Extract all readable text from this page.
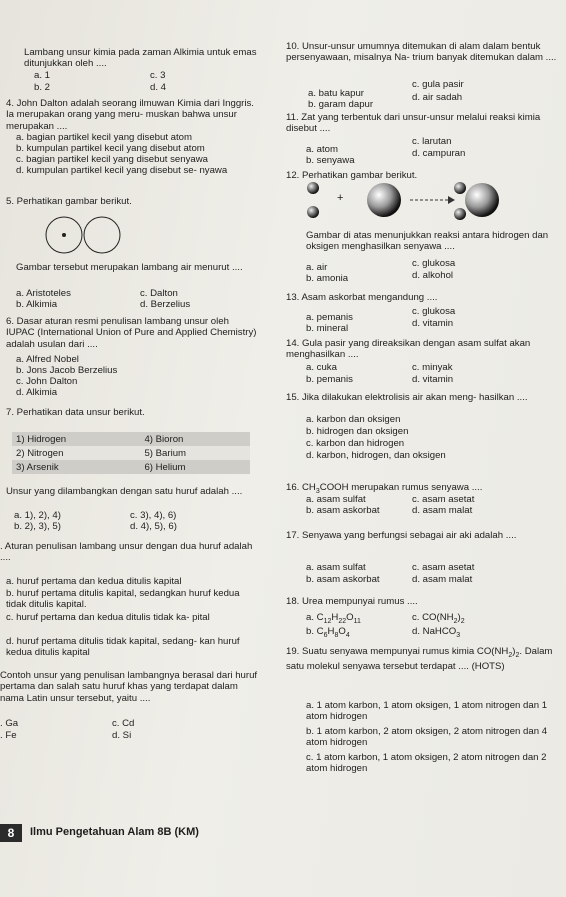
Lambang unsur kimia pada zaman Alkimia untuk emas ditunjukkan oleh ....

a. 1	c. 3
b. 2	d. 4

4. John Dalton adalah seorang ilmuwan Kimia dari Inggris. Ia merupakan orang yang meru- muskan bahwa unsur merupakan ....

a. bagian partikel kecil yang disebut atom
b. kumpulan partikel kecil yang disebut atom
c. bagian partikel kecil yang disebut senyawa

d. kumpulan partikel kecil yang disebut se- nyawa

5. Perhatikan gambar berikut.

Gambar tersebut merupakan lambang air menurut ....

a. Aristoteles	c. Dalton
b. Alkimia	d. Berzelius

6. Dasar aturan resmi penulisan lambang unsur oleh IUPAC (International Union of Pure and Applied Chemistry) adalah usulan dari ....

a. Alfred Nobel
b. Jons Jacob Berzelius
c. John Dalton
d. Alkimia
7. Perhatikan data unsur berikut.
1) Hidrogen	4) Bioron
2) Nitrogen	5) Barium
3) Arsenik	6) Helium

Unsur yang dilambangkan dengan satu huruf adalah ....

a. 1), 2), 4)	c. 3), 4), 6)
b. 2), 3), 5)	d. 4), 5), 6)

. Aturan penulisan lambang unsur dengan dua huruf adalah ....

a. huruf pertama dan kedua ditulis kapital

b. huruf pertama ditulis kapital, sedangkan huruf kedua tidak ditulis kapital.

c. huruf pertama dan kedua ditulis tidak ka- pital

d. huruf pertama ditulis tidak kapital, sedang- kan huruf kedua ditulis kapital

Contoh unsur yang penulisan lambangnya berasal dari huruf pertama dan salah satu huruf khas yang terdapat dalam nama Latin unsur tersebut, yaitu ....

. Ga	c. Cd
. Fe	d. Si

10. Unsur-unsur umumnya ditemukan di alam dalam bentuk persenyawaan, misalnya Na- trium banyak ditemukan dalam ....

a. batu kapur
c. gula pasir
b. garam dapur
d. air sadah

11. Zat yang terbentuk dari unsur-unsur melalui reaksi kimia disebut ....

a. atom
c. larutan
b. senyawa
d. campuran
12. Perhatikan gambar berikut.
+

Gambar di atas menunjukkan reaksi antara hidrogen dan oksigen menghasilkan senyawa ....

a. air	c. glukosa
b. amonia	d. alkohol
13. Asam askorbat mengandung ....
a. pemanis
c. glukosa
b. mineral	d. vitamin

14. Gula pasir yang direaksikan dengan asam sulfat akan menghasilkan ....

a. cuka	c. minyak
b. pemanis	d. vitamin

15. Jika dilakukan elektrolisis air akan meng- hasilkan ....

a. karbon dan oksigen
b. hidrogen dan oksigen
c. karbon dan hidrogen
d. karbon, hidrogen, dan oksigen
16. $CH_3COOH$ merupakan rumus senyawa ....
a. asam sulfat	c. asam asetat
b. asam askorbat	d. asam malat

17. Senyawa yang berfungsi sebagai air aki adalah ....

a. asam sulfat	c. asam asetat
b. asam askorbat	d. asam malat
18. Urea mempunyai rumus ....
a. $C_{12}H_{22}O_{11}$	c. $CO(NH_2)_2$
b. $C_6H_8O_4$	d. NaHCO$_3$

19. Suatu senyawa mempunyai rumus kimia $CO(NH_2)_2$. Dalam satu molekul senyawa tersebut terdapat .... (HOTS)

a. 1 atom karbon, 1 atom oksigen, 1 atom nitrogen dan 1 atom hidrogen

b. 1 atom karbon, 2 atom oksigen, 2 atom nitrogen dan 4 atom hidrogen

c. 1 atom karbon, 1 atom oksigen, 2 atom nitrogen dan 2 atom hidrogen

8	Ilmu Pengetahuan Alam 8B (KM)
